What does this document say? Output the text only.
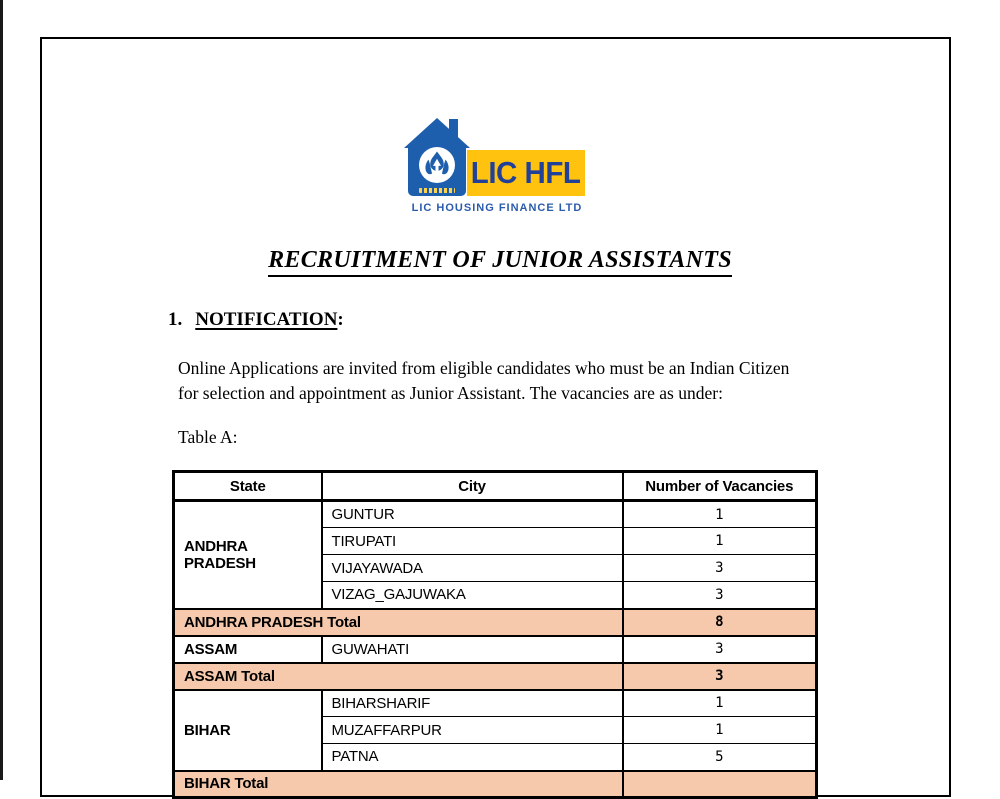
LIC HFL
LIC HOUSING FINANCE LTD
RECRUITMENT OF JUNIOR ASSISTANTS
1. NOTIFICATION:
Online Applications are invited from eligible candidates who must be an Indian Citizen
for selection and appointment as Junior Assistant. The vacancies are as under:
Table A:
State	City	Number of Vacancies
ANDHRA PRADESH	GUNTUR	1
	TIRUPATI	1
	VIJAYAWADA	3
	VIZAG_GAJUWAKA	3
ANDHRA PRADESH Total		8
ASSAM	GUWAHATI	3
ASSAM Total		3
BIHAR	BIHARSHARIF	1
	MUZAFFARPUR	1
	PATNA	5
BIHAR Total		
